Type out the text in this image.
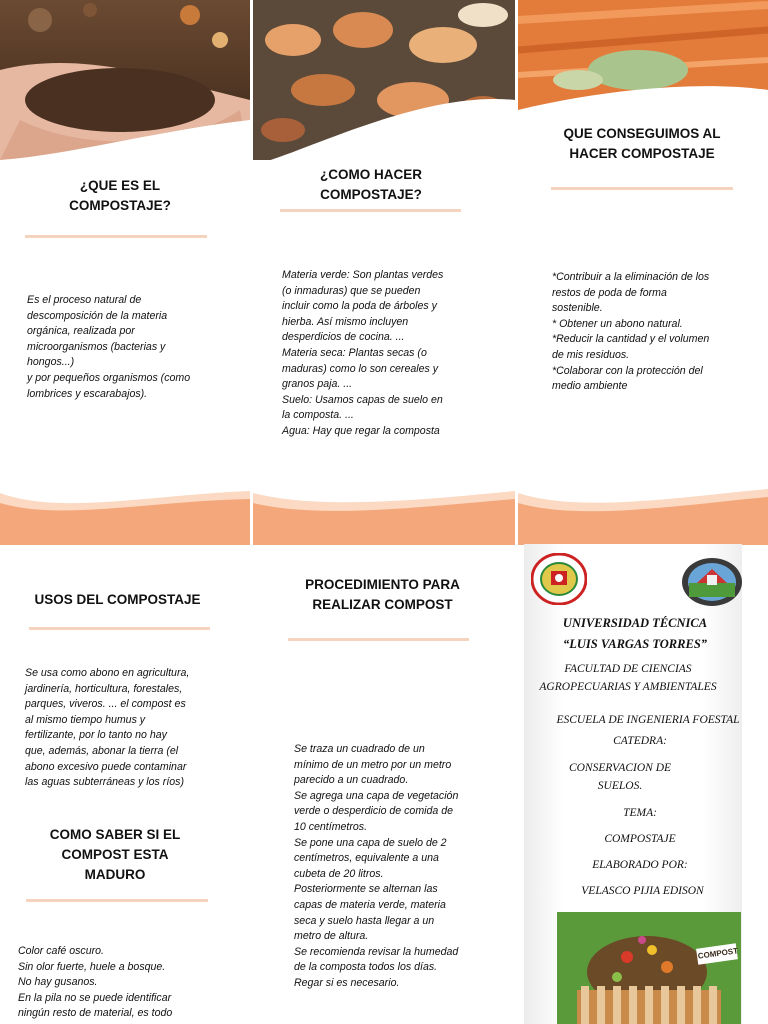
¿QUE ES EL
COMPOSTAJE?
Es el proceso natural de
descomposición de la materia
orgánica, realizada por
microorganismos (bacterias y
hongos...)
y por pequeños organismos (como
lombrices y escarabajos).
¿COMO HACER
COMPOSTAJE?
Materia verde: Son plantas verdes
(o inmaduras) que se pueden
incluir como la poda de árboles y
hierba. Así mismo incluyen
desperdicios de cocina. ...
Materia seca: Plantas secas (o
maduras) como lo son cereales y
granos paja. ...
Suelo: Usamos capas de suelo en
la composta. ...
Agua: Hay que regar la composta
QUE CONSEGUIMOS AL
HACER COMPOSTAJE
*Contribuir a la eliminación de los
restos de poda de forma
sostenible.
* Obtener un abono natural.
*Reducir la cantidad y el volumen
de mis residuos.
*Colaborar con la protección del
medio ambiente
USOS DEL COMPOSTAJE
Se usa como abono en agricultura,
jardinería, horticultura, forestales,
parques, viveros. ... el compost es
al mismo tiempo humus y
fertilizante, por lo tanto no hay
que, además, abonar la tierra (el
abono excesivo puede contaminar
las aguas subterráneas y los ríos)
COMO SABER SI EL
COMPOST ESTA
MADURO
Color café oscuro.
Sin olor fuerte, huele a bosque.
No hay gusanos.
En la pila no se puede identificar
ningún resto de material, es todo
PROCEDIMIENTO PARA
REALIZAR COMPOST
Se traza un cuadrado de un
mínimo de un metro por un metro
parecido a un cuadrado.
Se agrega una capa de vegetación
verde o desperdicio de comida de
10 centímetros.
Se pone una capa de suelo de 2
centímetros, equivalente a una
cubeta de 20 litros.
Posteriormente se alternan las
capas de materia verde, materia
seca y suelo hasta llegar a un
metro de altura.
Se recomienda revisar la humedad
de la composta todos los días.
Regar si es necesario.
UNIVERSIDAD TÉCNICA
“LUIS VARGAS TORRES”
FACULTAD DE CIENCIAS
AGROPECUARIAS Y AMBIENTALES
ESCUELA DE INGENIERIA FOESTAL
CATEDRA:
CONSERVACION DE
SUELOS.
TEMA:
COMPOSTAJE
ELABORADO POR:
VELASCO PIJIA EDISON
COMPOST
